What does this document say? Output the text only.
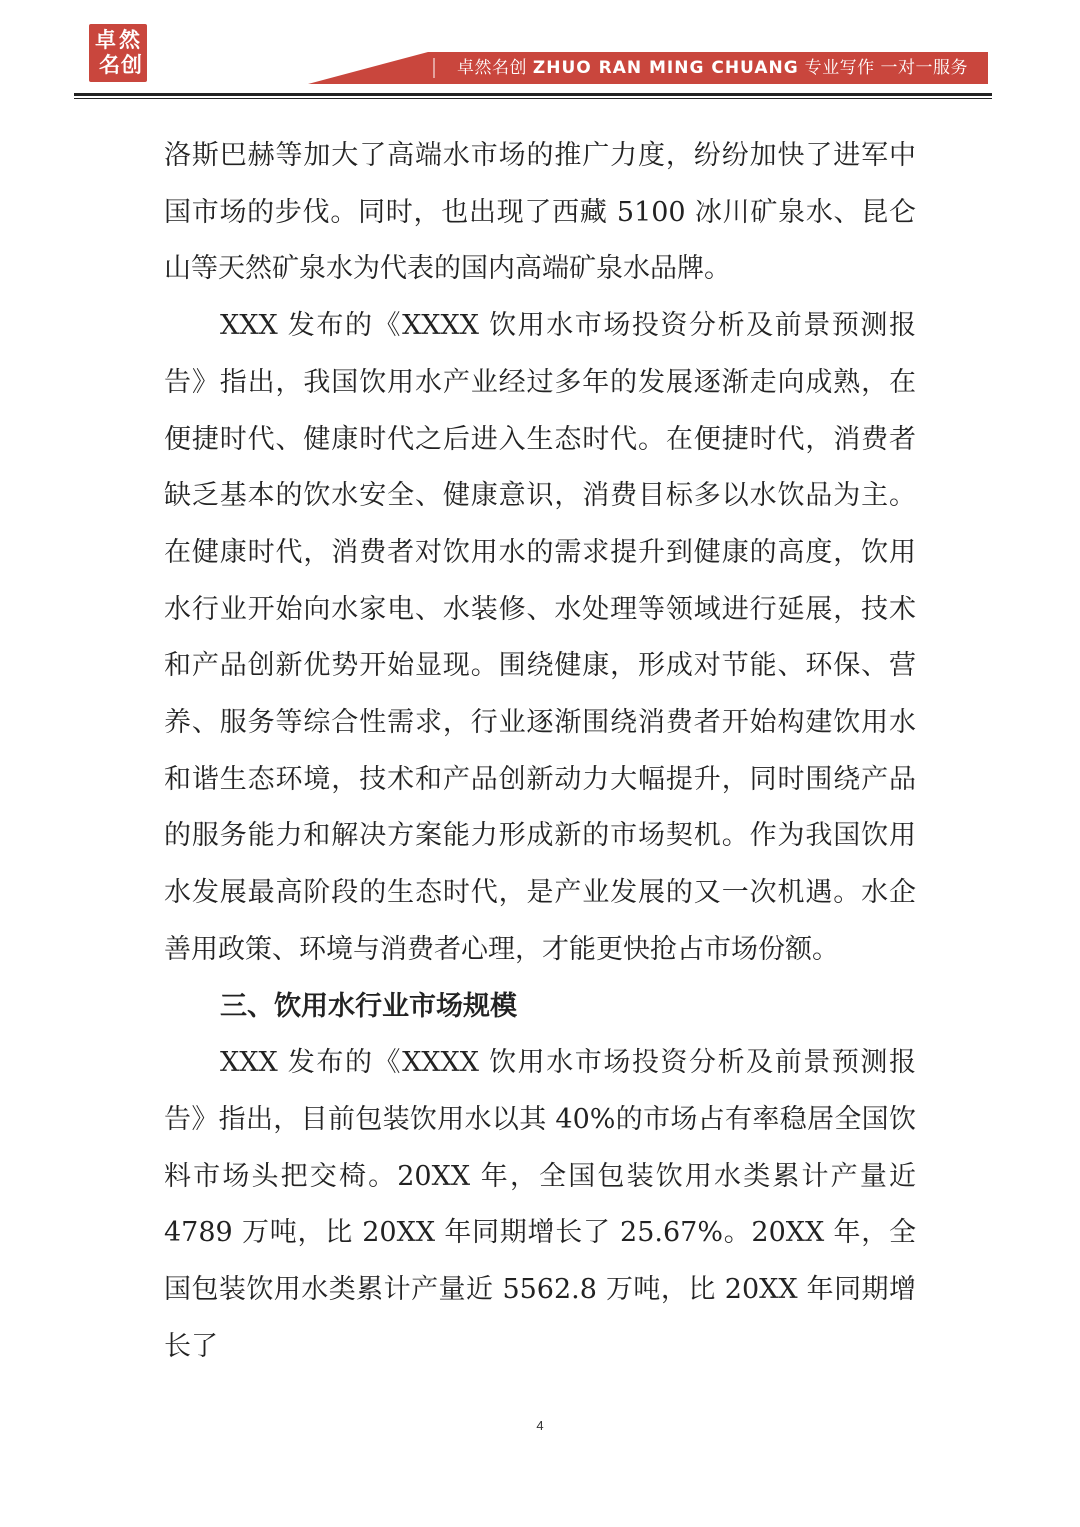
卓 然
名 创	卓然名创 ZHUO RAN MING CHUANG 专业写作 一对一服务

洛斯巴赫等加大了高端水市场的推广力度，纷纷加快了进军中国市场的步伐。同时，也出现了西藏 5100 冰川矿泉水、昆仑山等天然矿泉水为代表的国内高端矿泉水品牌。

XXX 发布的《XXXX 饮用水市场投资分析及前景预测报告》指出，我国饮用水产业经过多年的发展逐渐走向成熟，在便捷时代、健康时代之后进入生态时代。在便捷时代，消费者缺乏基本的饮水安全、健康意识，消费目标多以水饮品为主。在健康时代，消费者对饮用水的需求提升到健康的高度，饮用水行业开始向水家电、水装修、水处理等领域进行延展，技术和产品创新优势开始显现。围绕健康，形成对节能、环保、营养、服务等综合性需求，行业逐渐围绕消费者开始构建饮用水和谐生态环境，技术和产品创新动力大幅提升，同时围绕产品的服务能力和解决方案能力形成新的市场契机。作为我国饮用水发展最高阶段的生态时代，是产业发展的又一次机遇。水企善用政策、环境与消费者心理，才能更快抢占市场份额。

三、饮用水行业市场规模

XXX 发布的《XXXX 饮用水市场投资分析及前景预测报告》指出，目前包装饮用水以其 40%的市场占有率稳居全国饮料市场头把交椅。20XX 年，全国包装饮用水类累计产量近 4789 万吨，比 20XX 年同期增长了 25.67%。20XX 年，全国包装饮用水类累计产量近 5562.8 万吨，比 20XX 年同期增长了

4
